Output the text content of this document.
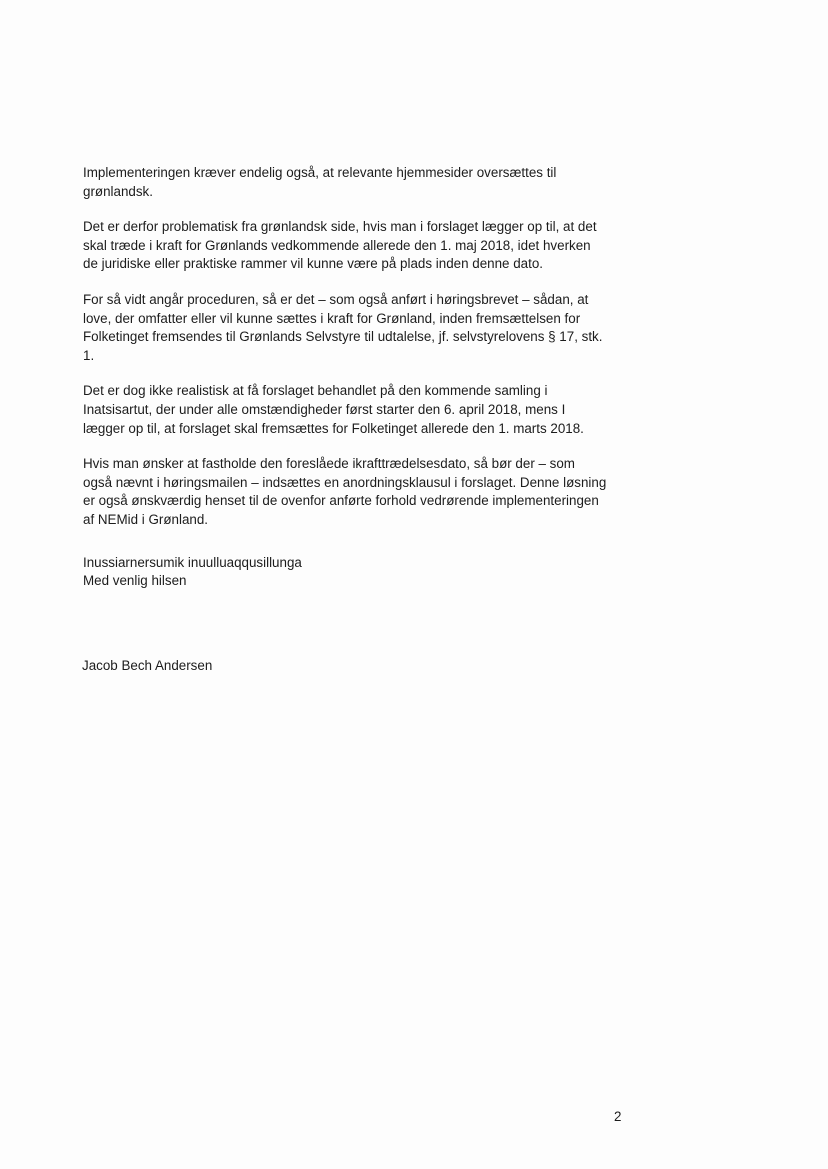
Implementeringen kræver endelig også, at relevante hjemmesider oversættes til
grønlandsk.

Det er derfor problematisk fra grønlandsk side, hvis man i forslaget lægger op til, at det
skal træde i kraft for Grønlands vedkommende allerede den 1. maj 2018, idet hverken
de juridiske eller praktiske rammer vil kunne være på plads inden denne dato.

For så vidt angår proceduren, så er det – som også anført i høringsbrevet – sådan, at
love, der omfatter eller vil kunne sættes i kraft for Grønland, inden fremsættelsen for
Folketinget fremsendes til Grønlands Selvstyre til udtalelse, jf. selvstyrelovens § 17, stk.
1.

Det er dog ikke realistisk at få forslaget behandlet på den kommende samling i
Inatsisartut, der under alle omstændigheder først starter den 6. april 2018, mens I
lægger op til, at forslaget skal fremsættes for Folketinget allerede den 1. marts 2018.

Hvis man ønsker at fastholde den foreslåede ikrafttrædelsesdato, så bør der – som
også nævnt i høringsmailen – indsættes en anordningsklausul i forslaget. Denne løsning
er også ønskværdig henset til de ovenfor anførte forhold vedrørende implementeringen
af NEMid i Grønland.

Inussiarnersumik inuulluaqqusillunga
Med venlig hilsen

Jacob Bech Andersen
2
